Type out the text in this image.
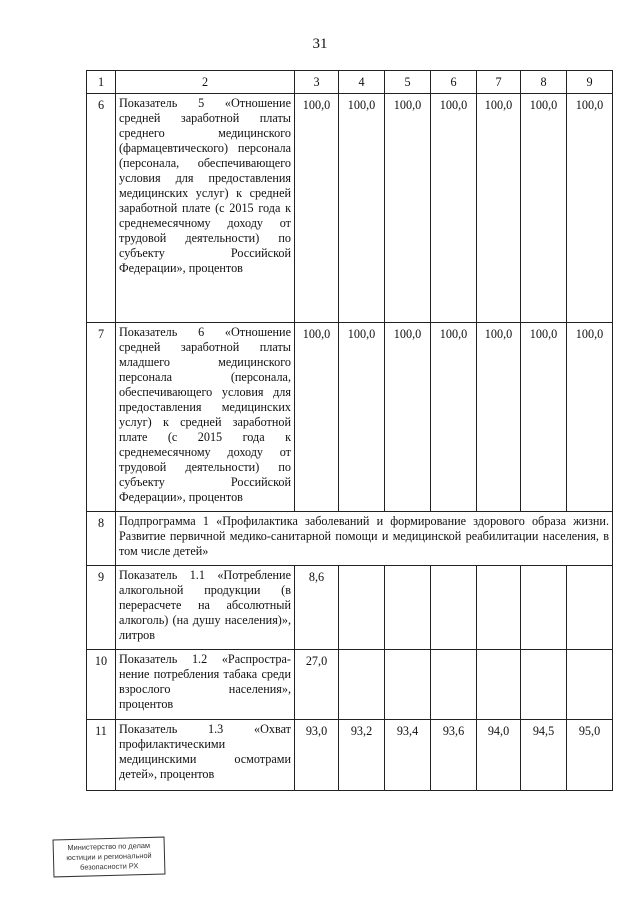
31
1	2	3	4	5	6	7	8	9
6	Показатель 5 «Отношение средней заработной платы среднего медицинского (фармацевтического) персонала (персонала, обеспечивающего условия для предоставления медицинских услуг) к средней заработной плате (с 2015 года к среднемесячному доходу от трудовой деятельности) по субъекту Российской Федерации», процентов	100,0	100,0	100,0	100,0	100,0	100,0	100,0
7	Показатель 6 «Отношение средней заработной платы младшего медицинского персонала (персонала, обеспечивающего условия для предоставления медицинских услуг) к средней заработной плате (с 2015 года к среднемесячному доходу от трудовой деятельности) по субъекту Российской Федерации», процентов	100,0	100,0	100,0	100,0	100,0	100,0	100,0
8	Подпрограмма 1 «Профилактика заболеваний и формирование здорового образа жизни. Развитие первичной медико-санитарной помощи и медицинской реабилитации населения, в том числе детей»							
9	Показатель 1.1 «Потребление алкогольной продукции (в перерасчете на абсолютный алкоголь) (на душу населения)», литров	8,6						
10	Показатель 1.2 «Распростра-нение потребления табака среди взрослого населения», процентов	27,0						
11	Показатель 1.3 «Охват профилактическими медицинскими осмотрами детей», процентов	93,0	93,2	93,4	93,6	94,0	94,5	95,0
Министерство по делам
юстиции и региональной
безопасности РХ
